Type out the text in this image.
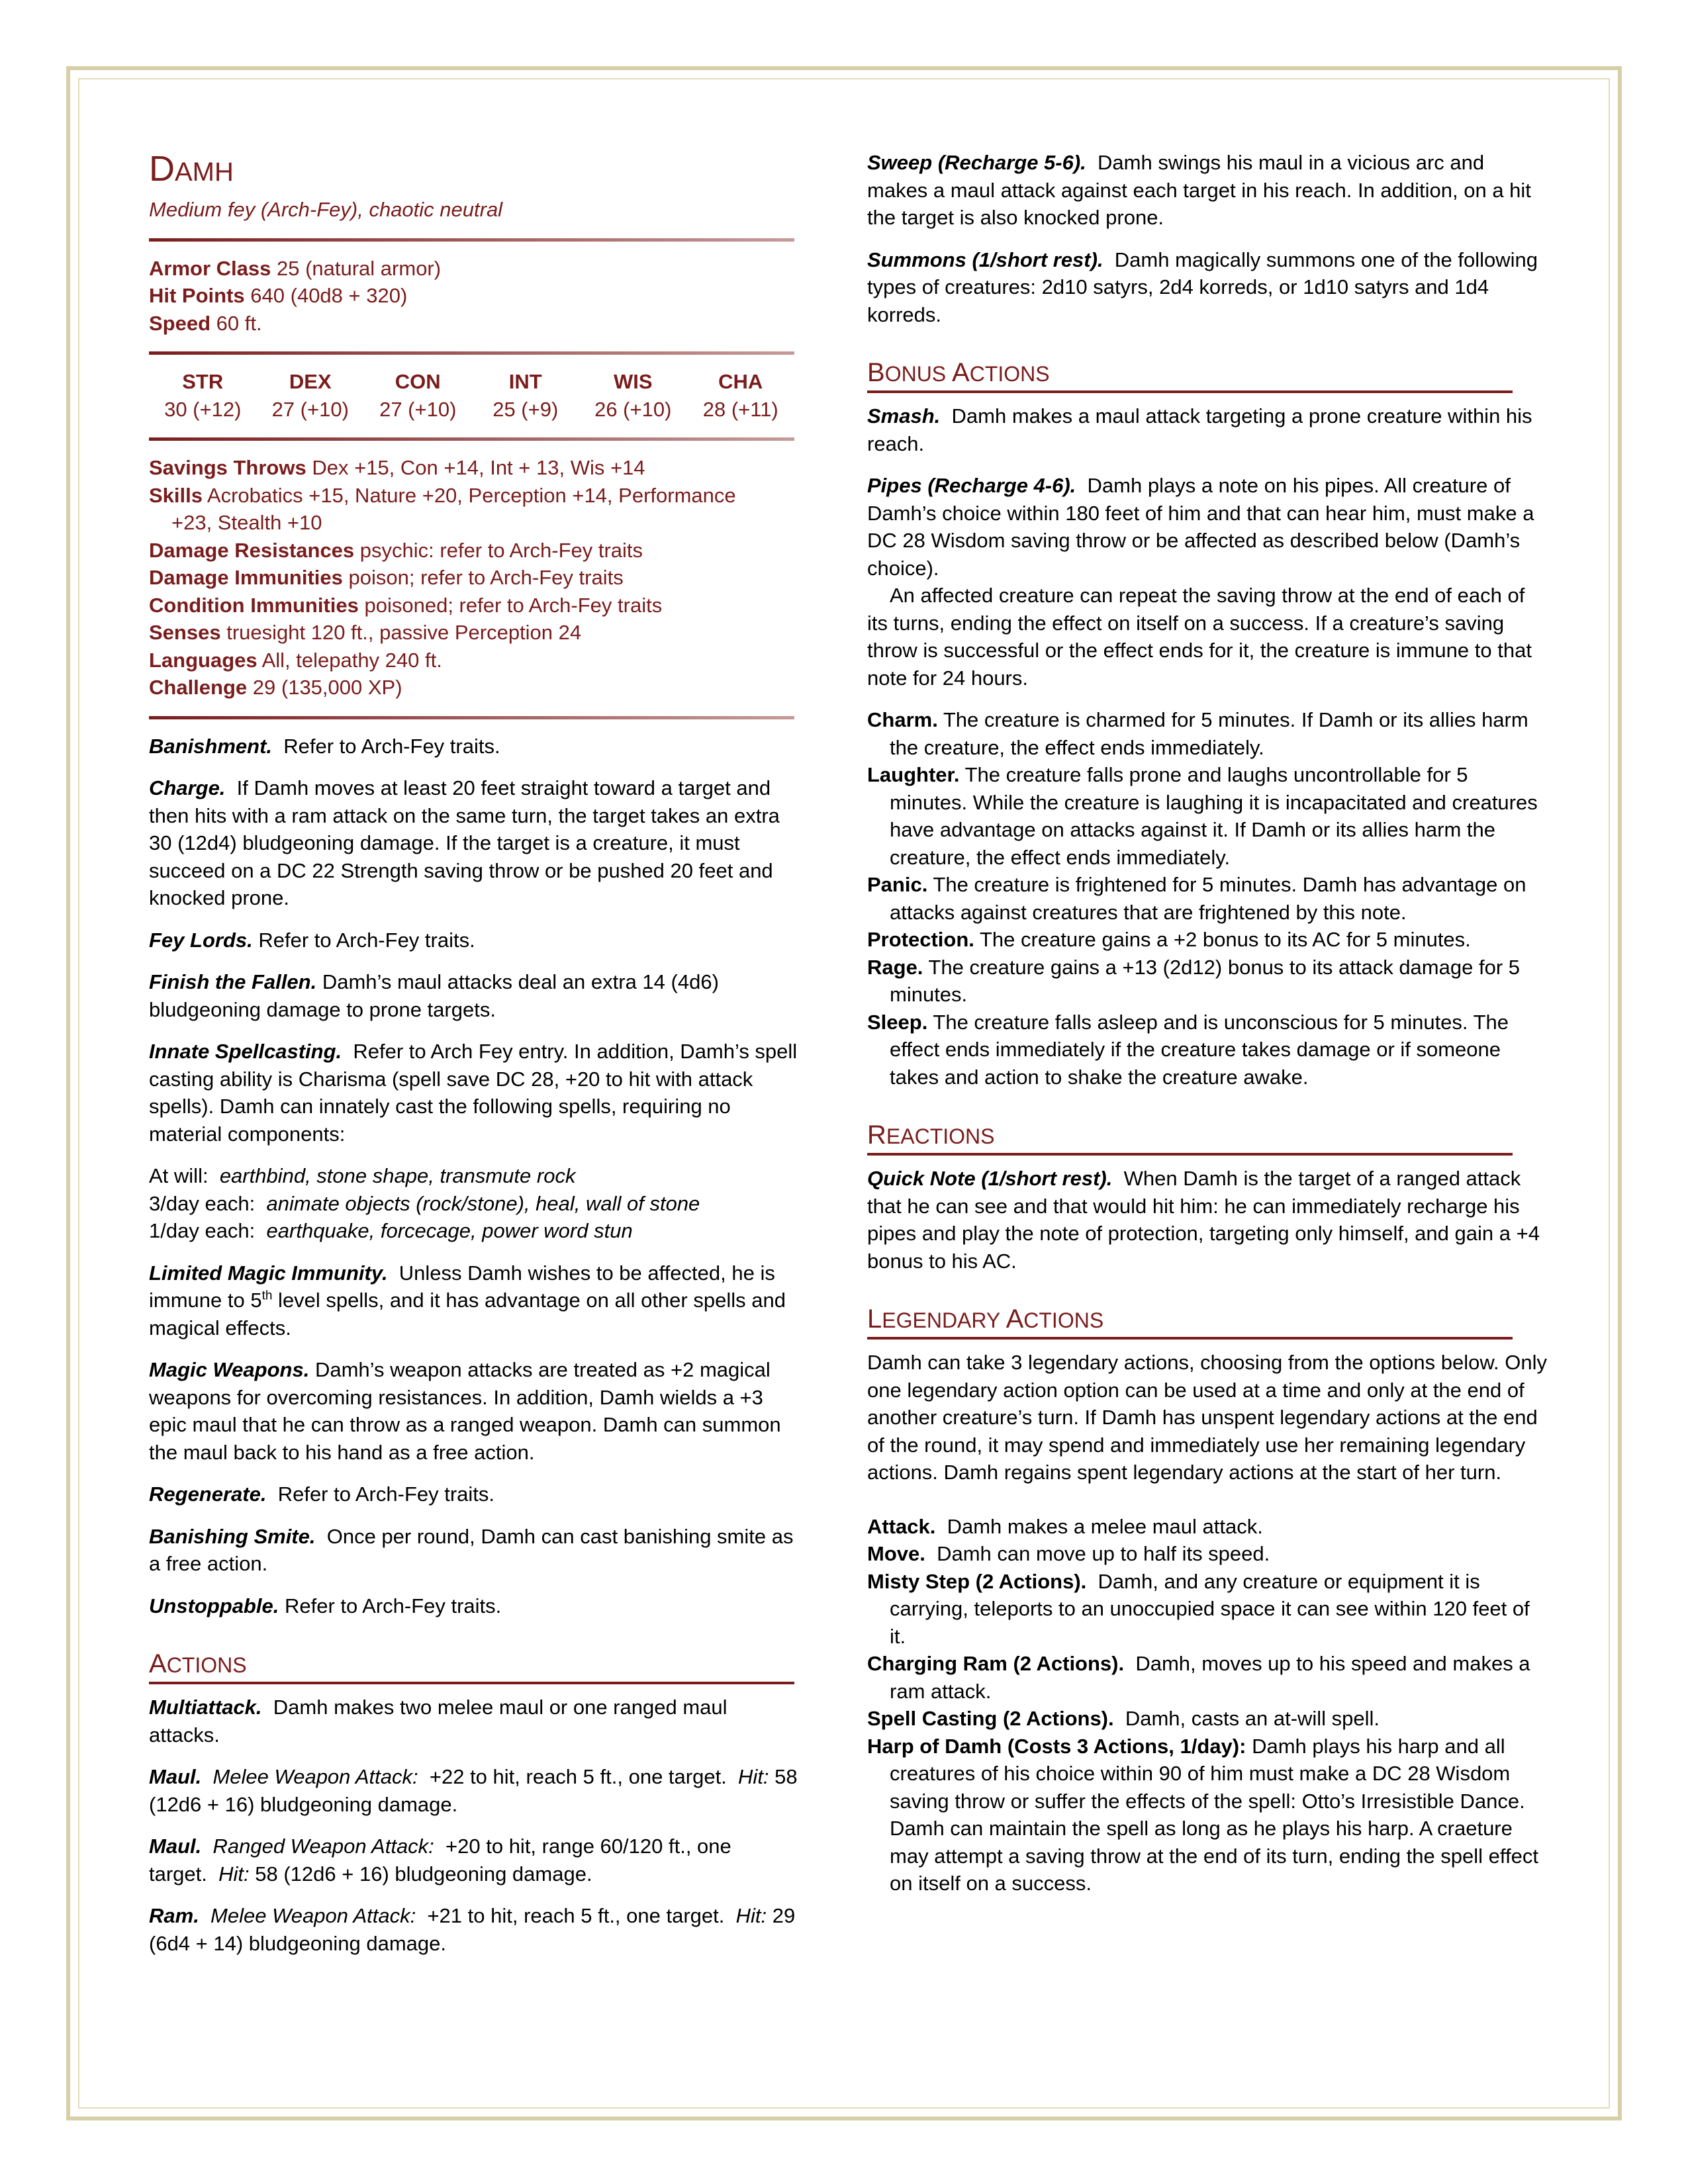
DAMH
Medium fey (Arch-Fey), chaotic neutral
Armor Class 25 (natural armor)
Hit Points 640 (40d8 + 320)
Speed 60 ft.
STR	DEX	CON	INT	WIS	CHA
30 (+12)	27 (+10)	27 (+10)	25 (+9)	26 (+10)	28 (+11)
Savings Throws Dex +15, Con +14, Int + 13, Wis +14
Skills Acrobatics +15, Nature +20, Perception +14, Performance
+23, Stealth +10
Damage Resistances psychic: refer to Arch-Fey traits
Damage Immunities poison; refer to Arch-Fey traits
Condition Immunities poisoned; refer to Arch-Fey traits
Senses truesight 120 ft., passive Perception 24
Languages All, telepathy 240 ft.
Challenge 29 (135,000 XP)

Banishment. Refer to Arch-Fey traits.

Charge. If Damh moves at least 20 feet straight toward a target and then hits with a ram attack on the same turn, the target takes an extra 30 (12d4) bludgeoning damage. If the target is a creature, it must succeed on a DC 22 Strength saving throw or be pushed 20 feet and knocked prone.

Fey Lords. Refer to Arch-Fey traits.

Finish the Fallen. Damh’s maul attacks deal an extra 14 (4d6) bludgeoning damage to prone targets.

Innate Spellcasting. Refer to Arch Fey entry. In addition, Damh’s spell casting ability is Charisma (spell save DC 28, +20 to hit with attack spells). Damh can innately cast the following spells, requiring no material components:

At will: earthbind, stone shape, transmute rock
3/day each: animate objects (rock/stone), heal, wall of stone

1/day each: earthquake, forcecage, power word stun

Limited Magic Immunity. Unless Damh wishes to be affected, he is immune to 5th level spells, and it has advantage on all other spells and magical effects.

Magic Weapons. Damh’s weapon attacks are treated as +2 magical weapons for overcoming resistances. In addition, Damh wields a +3 epic maul that he can throw as a ranged weapon. Damh can summon the maul back to his hand as a free action.

Regenerate. Refer to Arch-Fey traits.

Banishing Smite. Once per round, Damh can cast banishing smite as a free action.

Unstoppable. Refer to Arch-Fey traits.

ACTIONS

Multiattack. Damh makes two melee maul or one ranged maul attacks.

Maul. Melee Weapon Attack: +22 to hit, reach 5 ft., one target. Hit: 58 (12d6 + 16) bludgeoning damage.

Maul. Ranged Weapon Attack: +20 to hit, range 60/120 ft., one target. Hit: 58 (12d6 + 16) bludgeoning damage.

Ram. Melee Weapon Attack: +21 to hit, reach 5 ft., one target. Hit: 29 (6d4 + 14) bludgeoning damage.

Sweep (Recharge 5-6). Damh swings his maul in a vicious arc and makes a maul attack against each target in his reach. In addition, on a hit the target is also knocked prone.

Summons (1/short rest). Damh magically summons one of the following types of creatures: 2d10 satyrs, 2d4 korreds, or 1d10 satyrs and 1d4 korreds.

BONUS ACTIONS

Smash. Damh makes a maul attack targeting a prone creature within his reach.

Pipes (Recharge 4-6). Damh plays a note on his pipes. All creature of Damh’s choice within 180 feet of him and that can hear him, must make a DC 28 Wisdom saving throw or be affected as described below (Damh’s choice).

An affected creature can repeat the saving throw at the end of each of its turns, ending the effect on itself on a success. If a creature’s saving throw is successful or the effect ends for it, the creature is immune to that note for 24 hours.

Charm. The creature is charmed for 5 minutes. If Damh or its allies harm the creature, the effect ends immediately.
Laughter. The creature falls prone and laughs uncontrollable for 5 minutes. While the creature is laughing it is incapacitated and creatures have advantage on attacks against it. If Damh or its allies harm the creature, the effect ends immediately.
Panic. The creature is frightened for 5 minutes. Damh has advantage on attacks against creatures that are frightened by this note.
Protection. The creature gains a +2 bonus to its AC for 5 minutes.
Rage. The creature gains a +13 (2d12) bonus to its attack damage for 5 minutes.
Sleep. The creature falls asleep and is unconscious for 5 minutes. The effect ends immediately if the creature takes damage or if someone takes and action to shake the creature awake.
REACTIONS

Quick Note (1/short rest). When Damh is the target of a ranged attack that he can see and that would hit him: he can immediately recharge his pipes and play the note of protection, targeting only himself, and gain a +4 bonus to his AC.

LEGENDARY ACTIONS

Damh can take 3 legendary actions, choosing from the options below. Only one legendary action option can be used at a time and only at the end of another creature’s turn. If Damh has unspent legendary actions at the end of the round, it may spend and immediately use her remaining legendary actions. Damh regains spent legendary actions at the start of her turn.

Attack. Damh makes a melee maul attack.
Move. Damh can move up to half its speed.
Misty Step (2 Actions). Damh, and any creature or equipment it is carrying, teleports to an unoccupied space it can see within 120 feet of it.
Charging Ram (2 Actions). Damh, moves up to his speed and makes a ram attack.
Spell Casting (2 Actions). Damh, casts an at-will spell.
Harp of Damh (Costs 3 Actions, 1/day): Damh plays his harp and all creatures of his choice within 90 of him must make a DC 28 Wisdom saving throw or suffer the effects of the spell: Otto’s Irresistible Dance. Damh can maintain the spell as long as he plays his harp. A craeture may attempt a saving throw at the end of its turn, ending the spell effect on itself on a success.
